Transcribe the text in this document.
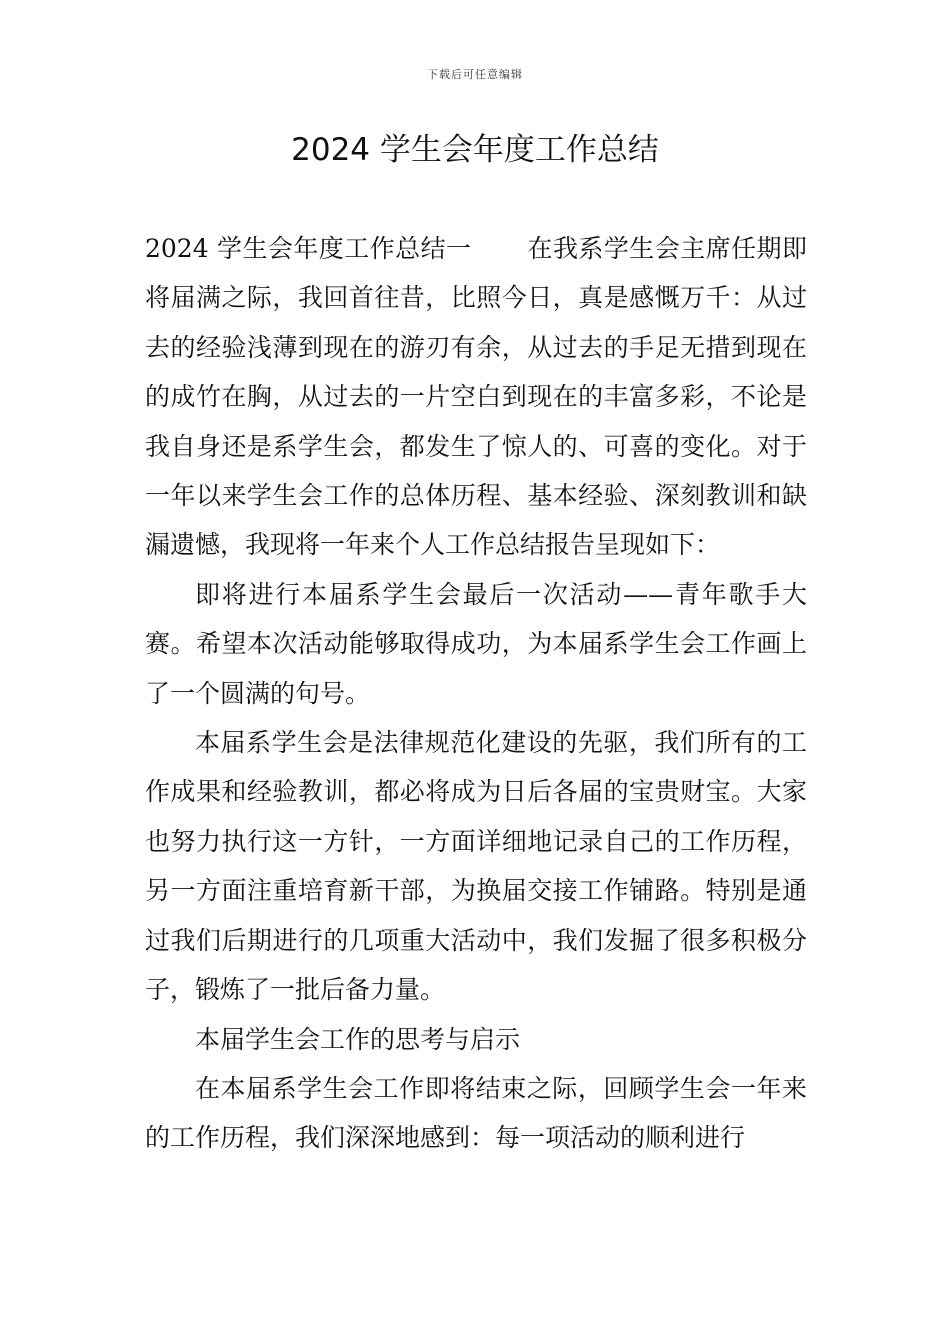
下载后可任意编辑
2024 学生会年度工作总结

2024 学生会年度工作总结一 在我系学生会主席任期即将届满之际，我回首往昔，比照今日，真是感慨万千：从过去的经验浅薄到现在的游刃有余，从过去的手足无措到现在的成竹在胸，从过去的一片空白到现在的丰富多彩，不论是我自身还是系学生会，都发生了惊人的、可喜的变化。对于一年以来学生会工作的总体历程、基本经验、深刻教训和缺漏遗憾，我现将一年来个人工作总结报告呈现如下：

即将进行本届系学生会最后一次活动——青年歌手大赛。希望本次活动能够取得成功，为本届系学生会工作画上了一个圆满的句号。

本届系学生会是法律规范化建设的先驱，我们所有的工作成果和经验教训，都必将成为日后各届的宝贵财宝。大家也努力执行这一方针，一方面详细地记录自己的工作历程，另一方面注重培育新干部，为换届交接工作铺路。特别是通过我们后期进行的几项重大活动中，我们发掘了很多积极分子，锻炼了一批后备力量。

本届学生会工作的思考与启示

在本届系学生会工作即将结束之际，回顾学生会一年来的工作历程，我们深深地感到：每一项活动的顺利进行
